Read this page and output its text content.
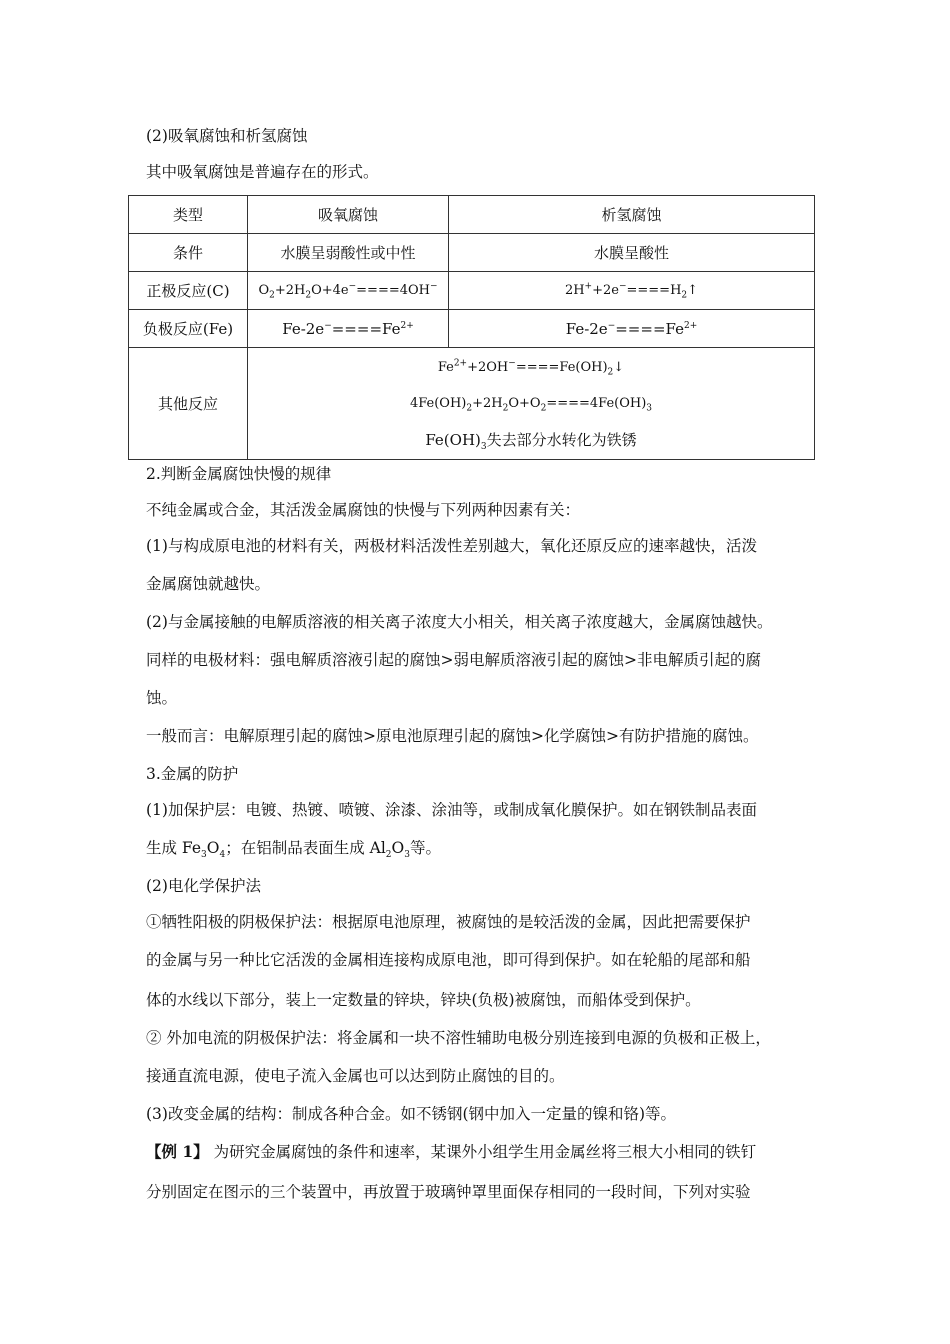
(2)吸氧腐蚀和析氢腐蚀
其中吸氧腐蚀是普遍存在的形式。
类型	吸氧腐蚀	析氢腐蚀
条件	水膜呈弱酸性或中性	水膜呈酸性
正极反应(C)	$O_2+2H_2O+4e^-====4OH^-$	$2H^++2e^-====H_2↑$
负极反应(Fe)	$Fe-2e^-====Fe^{2+}$	$Fe-2e^-====Fe^{2+}$
其他反应	$Fe^{2+}+2OH^-====Fe(OH)_2↓$
$4Fe(OH)_2+2H_2O+O_2====4Fe(OH)_3$
$Fe(OH)_3$失去部分水转化为铁锈	
2.判断金属腐蚀快慢的规律
不纯金属或合金，其活泼金属腐蚀的快慢与下列两种因素有关：
(1)与构成原电池的材料有关，两极材料活泼性差别越大，氧化还原反应的速率越快，活泼
金属腐蚀就越快。
(2)与金属接触的电解质溶液的相关离子浓度大小相关，相关离子浓度越大，金属腐蚀越快。
同样的电极材料：强电解质溶液引起的腐蚀>弱电解质溶液引起的腐蚀>非电解质引起的腐
蚀。
一般而言：电解原理引起的腐蚀>原电池原理引起的腐蚀>化学腐蚀>有防护措施的腐蚀。
3.金属的防护
(1)加保护层：电镀、热镀、喷镀、涂漆、涂油等，或制成氧化膜保护。如在钢铁制品表面
生成 $Fe_3O_4$；在铝制品表面生成 $Al_2O_3$等。
(2)电化学保护法
①牺牲阳极的阴极保护法：根据原电池原理，被腐蚀的是较活泼的金属，因此把需要保护
的金属与另一种比它活泼的金属相连接构成原电池，即可得到保护。如在轮船的尾部和船
体的水线以下部分，装上一定数量的锌块，锌块(负极)被腐蚀，而船体受到保护。
② 外加电流的阴极保护法：将金属和一块不溶性辅助电极分别连接到电源的负极和正极上，
接通直流电源，使电子流入金属也可以达到防止腐蚀的目的。
(3)改变金属的结构：制成各种合金。如不锈钢(钢中加入一定量的镍和铬)等。
【例 1】 为研究金属腐蚀的条件和速率，某课外小组学生用金属丝将三根大小相同的铁钉
分别固定在图示的三个装置中，再放置于玻璃钟罩里面保存相同的一段时间，下列对实验
